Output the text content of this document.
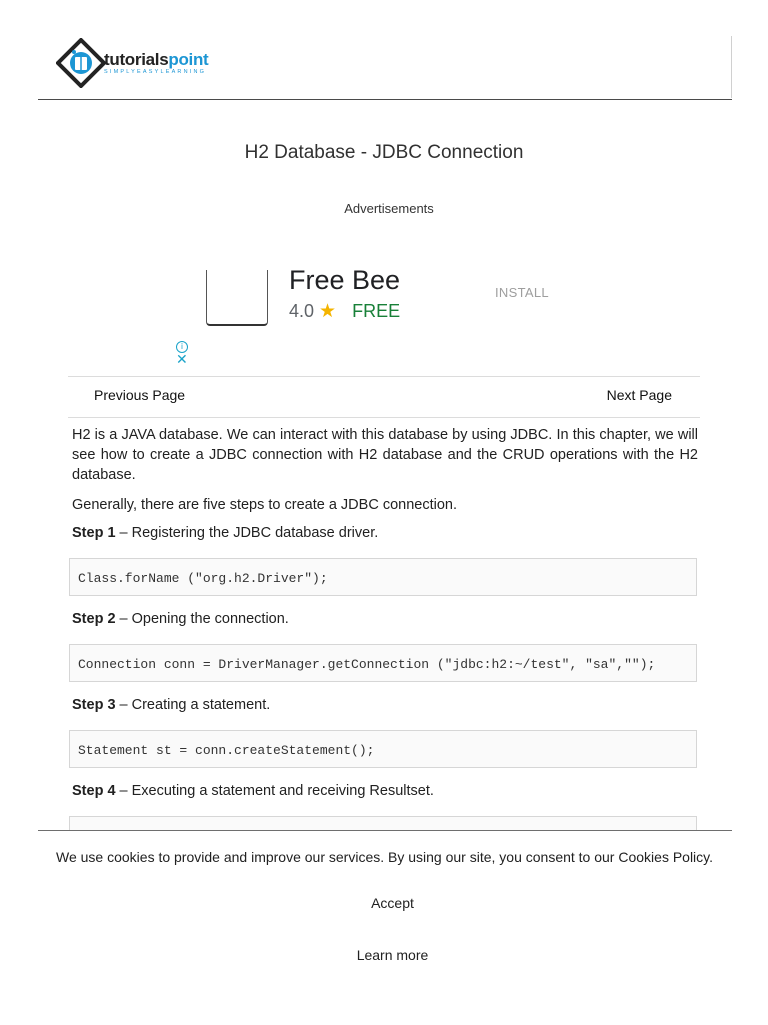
tutorialspoint
SIMPLYEASYLEARNING
H2 Database - JDBC Connection
Advertisements
Free Bee
4.0 ★ FREE
INSTALL
i
✕
Previous Page	Next Page

H2 is a JAVA database. We can interact with this database by using JDBC. In this chapter, we will see how to create a JDBC connection with H2 database and the CRUD operations with the H2 database.

Generally, there are five steps to create a JDBC connection.

Step 1 – Registering the JDBC database driver.

Class.forName ("org.h2.Driver");

Step 2 – Opening the connection.

Connection conn = DriverManager.getConnection ("jdbc:h2:~/test", "sa","");

Step 3 – Creating a statement.

Statement st = conn.createStatement();

Step 4 – Executing a statement and receiving Resultset.

We use cookies to provide and improve our services. By using our site, you consent to our Cookies Policy.
Accept
Learn more
